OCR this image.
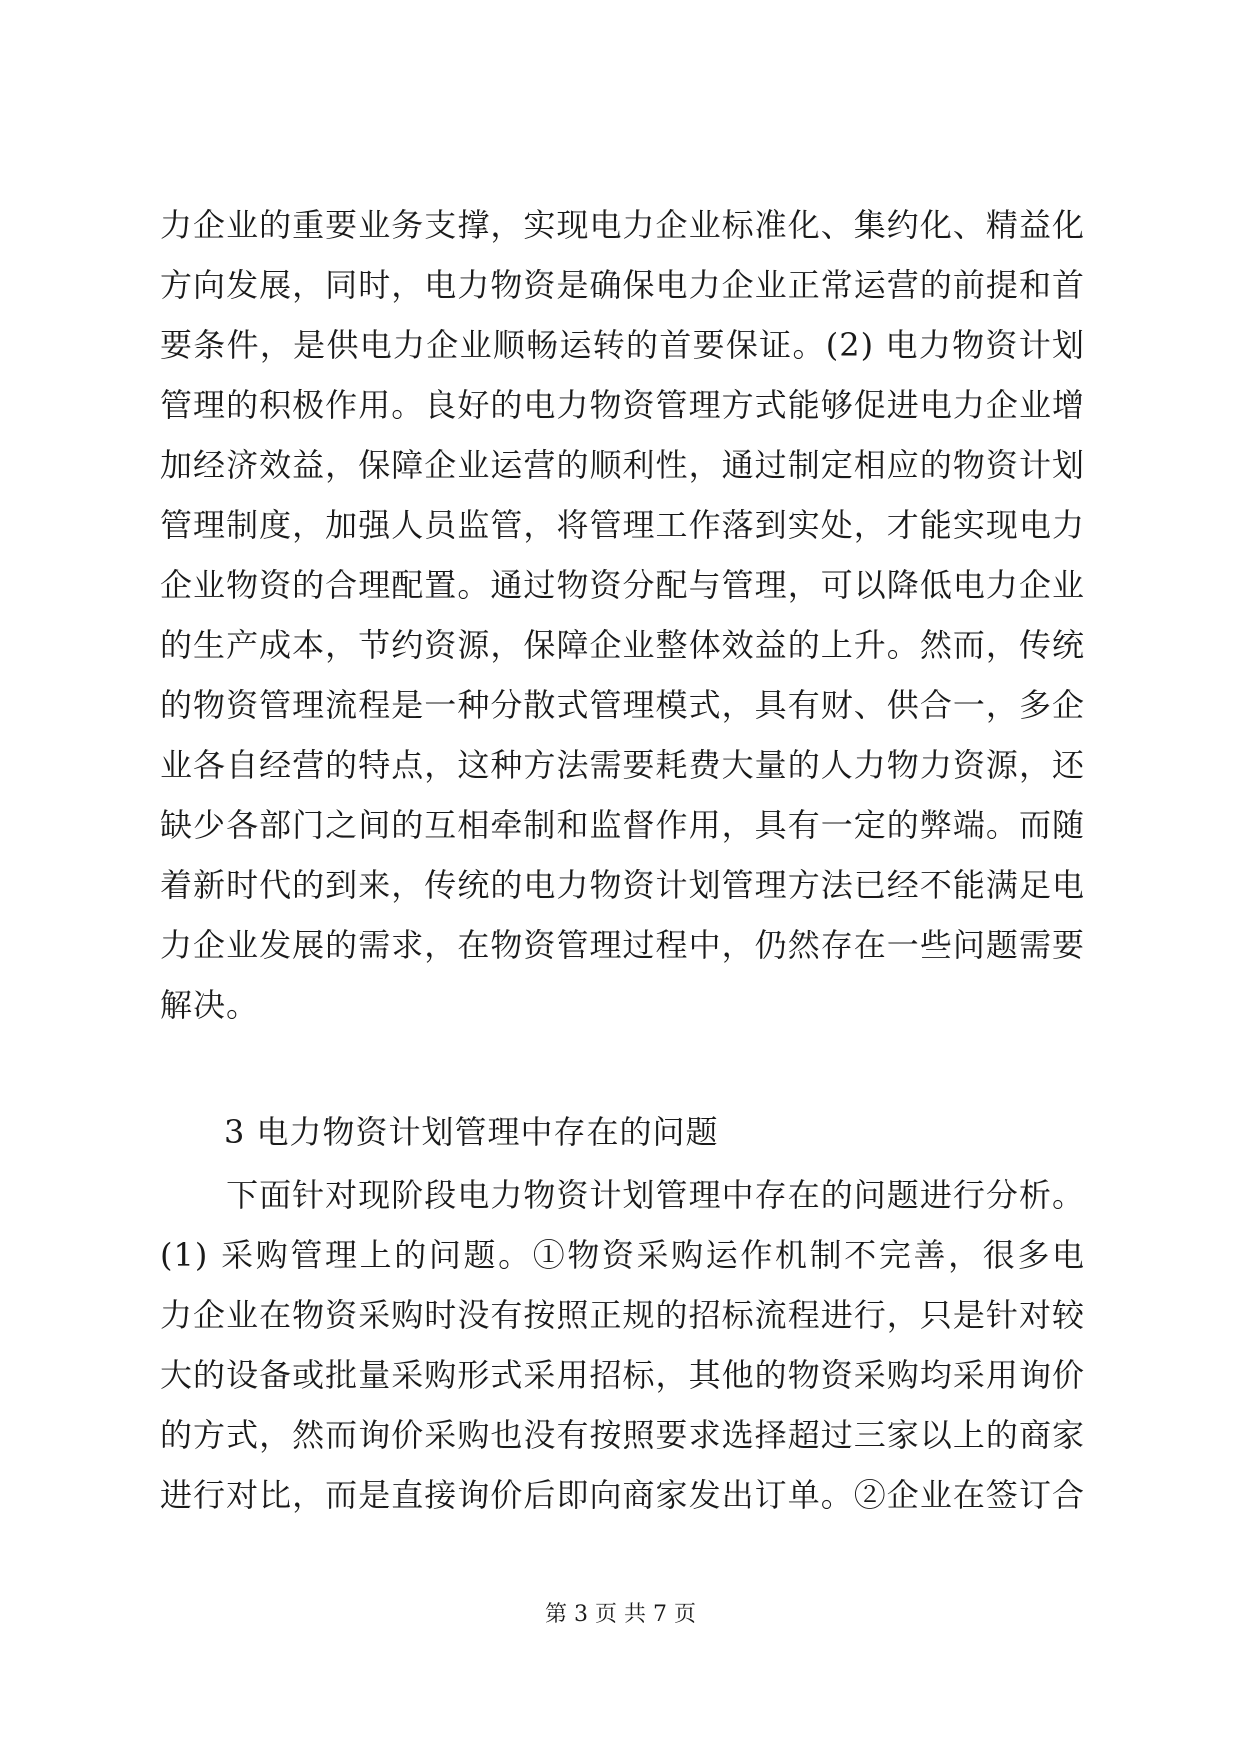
力企业的重要业务支撑，实现电力企业标准化、集约化、精益化
方向发展，同时，电力物资是确保电力企业正常运营的前提和首
要条件，是供电力企业顺畅运转的首要保证。(2) 电力物资计划
管理的积极作用。良好的电力物资管理方式能够促进电力企业增
加经济效益，保障企业运营的顺利性，通过制定相应的物资计划
管理制度，加强人员监管，将管理工作落到实处，才能实现电力
企业物资的合理配置。通过物资分配与管理，可以降低电力企业
的生产成本，节约资源，保障企业整体效益的上升。然而，传统
的物资管理流程是一种分散式管理模式，具有财、供合一，多企
业各自经营的特点，这种方法需要耗费大量的人力物力资源，还
缺少各部门之间的互相牵制和监督作用，具有一定的弊端。而随
着新时代的到来，传统的电力物资计划管理方法已经不能满足电
力企业发展的需求，在物资管理过程中，仍然存在一些问题需要
解决。
3 电力物资计划管理中存在的问题
　　下面针对现阶段电力物资计划管理中存在的问题进行分析。
(1) 采购管理上的问题。①物资采购运作机制不完善，很多电
力企业在物资采购时没有按照正规的招标流程进行，只是针对较
大的设备或批量采购形式采用招标，其他的物资采购均采用询价
的方式，然而询价采购也没有按照要求选择超过三家以上的商家
进行对比，而是直接询价后即向商家发出订单。②企业在签订合
第 3 页 共 7 页
